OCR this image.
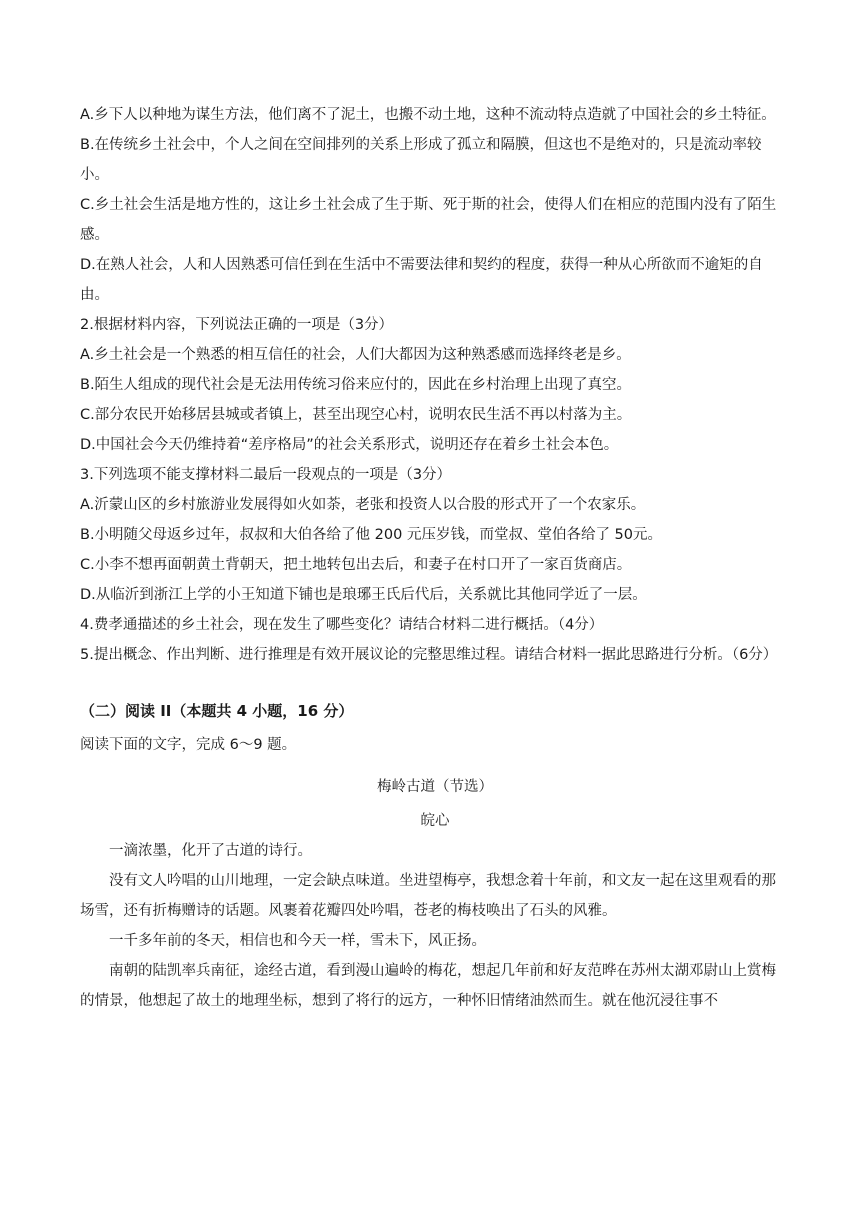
A.乡下人以种地为谋生方法，他们离不了泥土，也搬不动土地，这种不流动特点造就了中国社会的乡土特征。

B.在传统乡土社会中，个人之间在空间排列的关系上形成了孤立和隔膜，但这也不是绝对的，只是流动率较小。

C.乡土社会生活是地方性的，这让乡土社会成了生于斯、死于斯的社会，使得人们在相应的范围内没有了陌生感。

D.在熟人社会，人和人因熟悉可信任到在生活中不需要法律和契约的程度，获得一种从心所欲而不逾矩的自由。

2.根据材料内容，下列说法正确的一项是（3分）

A.乡土社会是一个熟悉的相互信任的社会，人们大都因为这种熟悉感而选择终老是乡。

B.陌生人组成的现代社会是无法用传统习俗来应付的，因此在乡村治理上出现了真空。

C.部分农民开始移居县城或者镇上，甚至出现空心村，说明农民生活不再以村落为主。

D.中国社会今天仍维持着“差序格局”的社会关系形式，说明还存在着乡土社会本色。

3.下列选项不能支撑材料二最后一段观点的一项是（3分）

A.沂蒙山区的乡村旅游业发展得如火如荼，老张和投资人以合股的形式开了一个农家乐。

B.小明随父母返乡过年，叔叔和大伯各给了他 200 元压岁钱，而堂叔、堂伯各给了 50元。

C.小李不想再面朝黄土背朝天，把土地转包出去后，和妻子在村口开了一家百货商店。

D.从临沂到浙江上学的小王知道下铺也是琅琊王氏后代后，关系就比其他同学近了一层。

4.费孝通描述的乡土社会，现在发生了哪些变化？请结合材料二进行概括。（4分）

5.提出概念、作出判断、进行推理是有效开展议论的完整思维过程。请结合材料一据此思路进行分析。（6分）

（二）阅读 II（本题共 4 小题，16 分）

阅读下面的文字，完成 6～9 题。

梅岭古道（节选）

皖心

一滴浓墨，化开了古道的诗行。

没有文人吟唱的山川地理，一定会缺点味道。坐进望梅亭，我想念着十年前，和文友一起在这里观看的那场雪，还有折梅赠诗的话题。风裹着花瓣四处吟唱，苍老的梅枝唤出了石头的风雅。

一千多年前的冬天，相信也和今天一样，雪未下，风正扬。

南朝的陆凯率兵南征，途经古道，看到漫山遍岭的梅花，想起几年前和好友范晔在苏州太湖邓尉山上赏梅的情景，他想起了故土的地理坐标，想到了将行的远方，一种怀旧情绪油然而生。就在他沉浸往事不
